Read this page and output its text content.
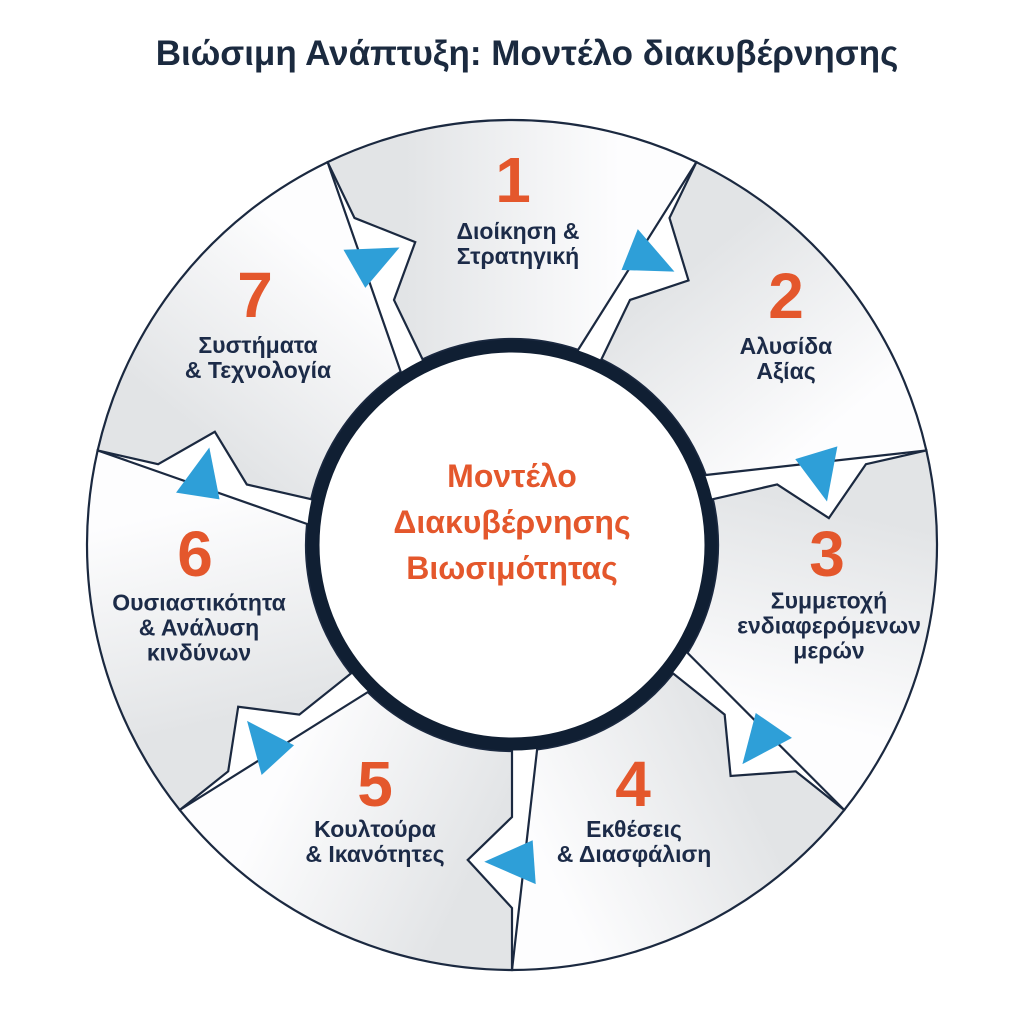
Βιώσιμη Ανάπτυξη: Μοντέλο διακυβέρνησης
1
Διοίκηση &
Στρατηγική
2
Αλυσίδα
Αξίας
3
Συμμετοχή
ενδιαφερόμενων
μερών
4
Εκθέσεις
& Διασφάλιση
5
Κουλτούρα
& Ικανότητες
6
Ουσιαστικότητα
& Ανάλυση
κινδύνων
7
Συστήματα
& Τεχνολογία
Μοντέλο
Διακυβέρνησης
Βιωσιμότητας
